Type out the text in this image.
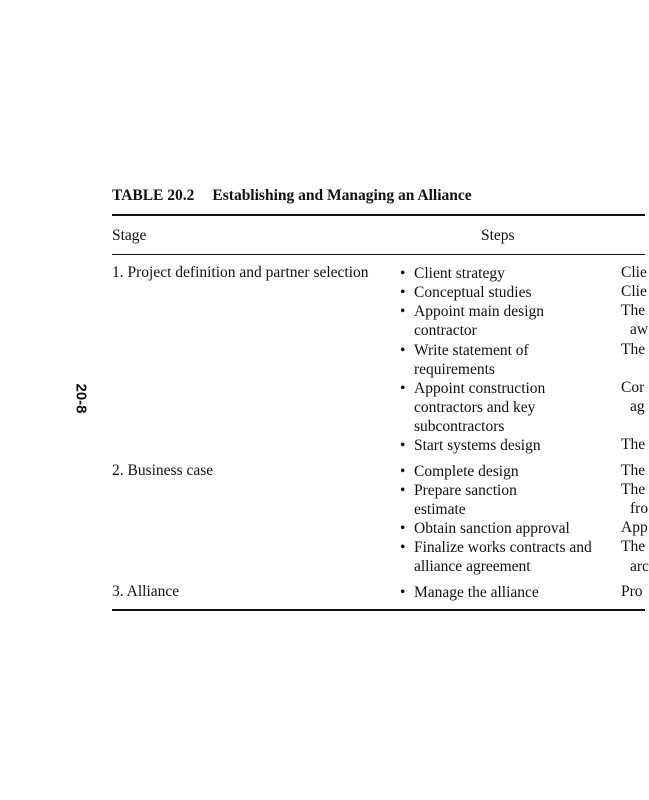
20-8
TABLE 20.2 Establishing and Managing an Alliance
Stage	Steps
1. Project definition and partner selection
2. Business case
3. Alliance
• Client strategy
• Conceptual studies
• Appoint main design contractor
• Write statement of requirements
• Appoint construction contractors and key subcontractors
• Start systems design
• Complete design
• Prepare sanction estimate
• Obtain sanction approval
• Finalize works contracts and alliance agreement
• Manage the alliance
Clie
Clie
The
aw
The
Cor
ag
The
The
The
fro
App
The
arc
Pro
